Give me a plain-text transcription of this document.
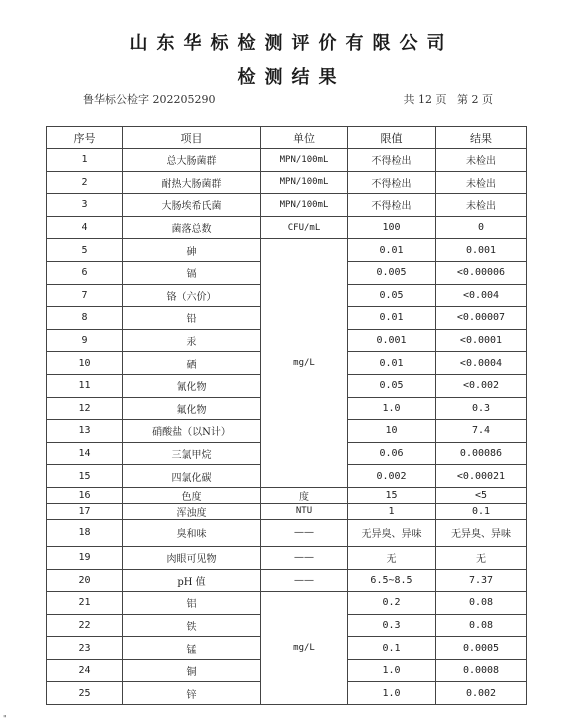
山东华标检测评价有限公司
检测结果
鲁华标公检字 202205290	共 12 页 第 2 页
序号	项目	单位	限值	结果
1	总大肠菌群	MPN/100mL	不得检出	未检出
2	耐热大肠菌群	MPN/100mL	不得检出	未检出
3	大肠埃希氏菌	MPN/100mL	不得检出	未检出
4	菌落总数	CFU/mL	100	0
5	砷	mg/L	0.01	0.001
6	镉		0.005	<0.00006
7	铬（六价）		0.05	<0.004
8	铅		0.01	<0.00007
9	汞		0.001	<0.0001
10	硒		0.01	<0.0004
11	氰化物		0.05	<0.002
12	氟化物		1.0	0.3
13	硝酸盐（以N计）		10	7.4
14	三氯甲烷		0.06	0.00086
15	四氯化碳		0.002	<0.00021
16	色度	度	15	<5
17	浑浊度	NTU	1	0.1
18	臭和味	——	无异臭、异味	无异臭、异味
19	肉眼可见物	——	无	无
20	pH 值	——	6.5~8.5	7.37
21	铝	mg/L	0.2	0.08
22	铁		0.3	0.08
23	锰		0.1	0.0005
24	铜		1.0	0.0008
25	锌		1.0	0.002
"
